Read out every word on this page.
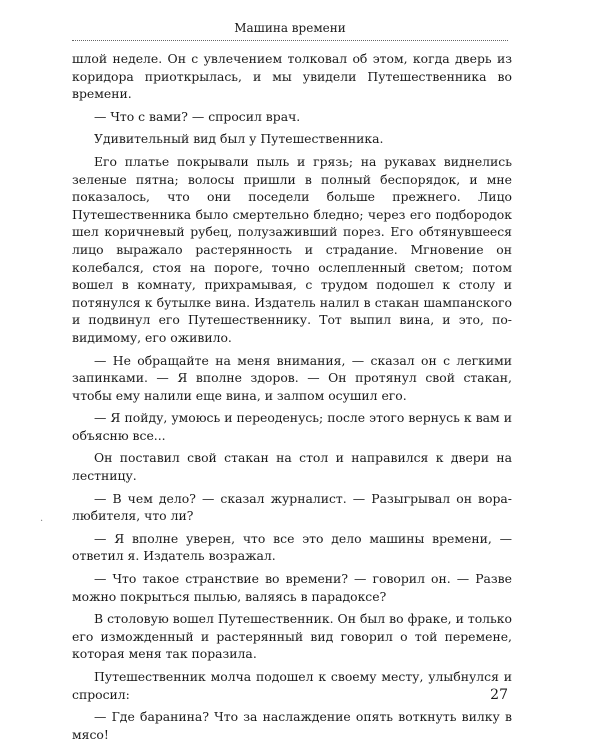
Машина времени
·

шлой неделе. Он с увлечением толковал об этом, когда дверь из коридора приоткрылась, и мы увидели Путешественника во времени.

— Что с вами? — спросил врач.

Удивительный вид был у Путешественника.

Его платье покрывали пыль и грязь; на рукавах виднелись зеленые пятна; волосы пришли в полный беспорядок, и мне показалось, что они поседели больше прежнего. Лицо Путешественника было смертельно бледно; через его подбородок шел коричневый рубец, полузаживший порез. Его обтянувшееся лицо выражало растерянность и страдание. Мгновение он колебался, стоя на пороге, точно ослепленный светом; потом вошел в комнату, прихрамывая, с трудом подошел к столу и потянулся к бутылке вина. Издатель налил в стакан шампанского и подвинул его Путешественнику. Тот выпил вина, и это, по-видимому, его оживило.

— Не обращайте на меня внимания, — сказал он с легкими запинками. — Я вполне здоров. — Он протянул свой стакан, чтобы ему налили еще вина, и залпом осушил его.

— Я пойду, умоюсь и переоденусь; после этого вернусь к вам и объясню все...

Он поставил свой стакан на стол и направился к двери на лестницу.

— В чем дело? — сказал журналист. — Разыгрывал он вора-любителя, что ли?

— Я вполне уверен, что все это дело машины времени, — ответил я. Издатель возражал.

— Что такое странствие во времени? — говорил он. — Разве можно покрыться пылью, валяясь в парадоксе?

В столовую вошел Путешественник. Он был во фраке, и только его изможденный и растерянный вид говорил о той перемене, которая меня так поразила.

Путешественник молча подошел к своему месту, улыбнулся и спросил:

— Где баранина? Что за наслаждение опять воткнуть вилку в мясо!

27
